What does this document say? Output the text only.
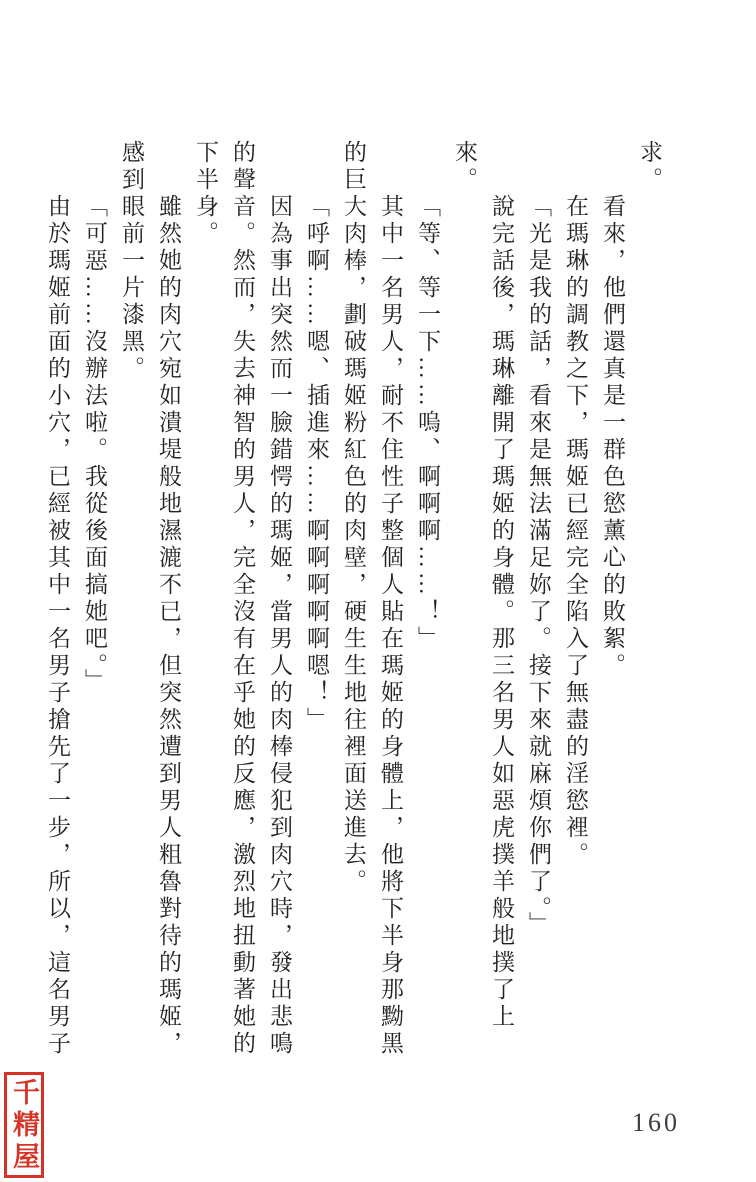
求。
看來，他們還真是一群色慾薰心的敗絮。
在瑪琳的調教之下，瑪姬已經完全陷入了無盡的淫慾裡。
「光是我的話，看來是無法滿足妳了。接下來就麻煩你們了。」
說完話後，瑪琳離開了瑪姬的身體。那三名男人如惡虎撲羊般地撲了上
來。
「等、等一下……嗚、啊啊啊……！」
其中一名男人，耐不住性子整個人貼在瑪姬的身體上，他將下半身那黝黑
的巨大肉棒，劃破瑪姬粉紅色的肉壁，硬生生地往裡面送進去。
「呼啊……嗯、插進來……啊啊啊啊啊嗯！」
因為事出突然而一臉錯愕的瑪姬，當男人的肉棒侵犯到肉穴時，發出悲鳴
的聲音。然而，失去神智的男人，完全沒有在乎她的反應，激烈地扭動著她的
下半身。
雖然她的肉穴宛如潰堤般地濕漉不已，但突然遭到男人粗魯對待的瑪姬，
感到眼前一片漆黑。
「可惡……沒辦法啦。我從後面搞她吧。」
由於瑪姬前面的小穴，已經被其中一名男子搶先了一步，所以，這名男子
千精屋	160
